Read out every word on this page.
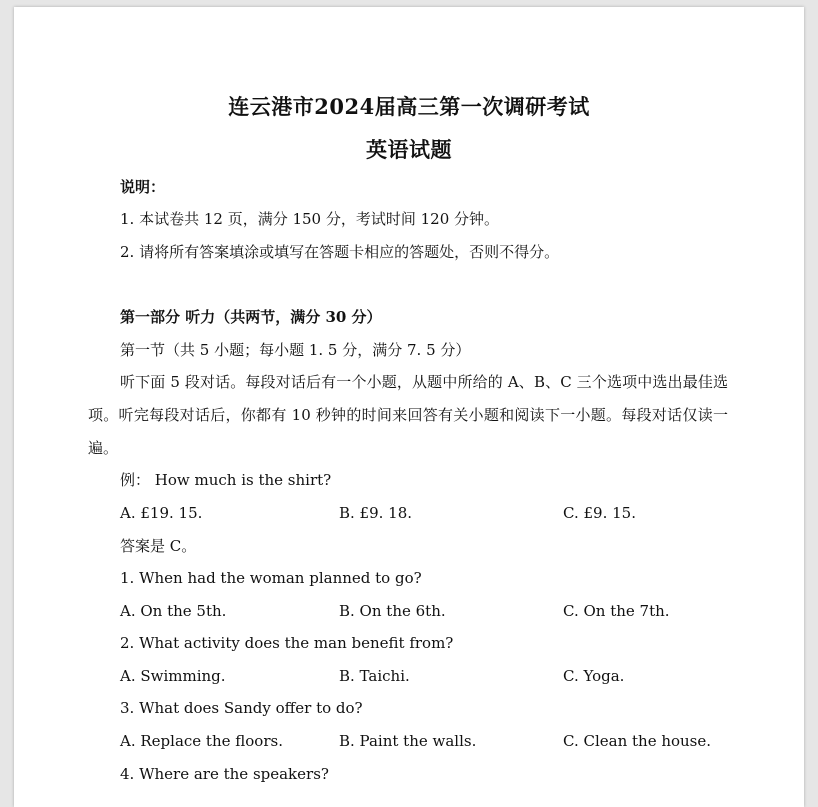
连云港市2024届高三第一次调研考试
英语试题
说明：
1. 本试卷共 12 页，满分 150 分，考试时间 120 分钟。
2. 请将所有答案填涂或填写在答题卡相应的答题处，否则不得分。
第一部分 听力（共两节，满分 30 分）
第一节（共 5 小题；每小题 1. 5 分，满分 7. 5 分）
听下面 5 段对话。每段对话后有一个小题，从题中所给的 A、B、C 三个选项中选出最佳选项。听完每段对话后，你都有 10 秒钟的时间来回答有关小题和阅读下一小题。每段对话仅读一遍。
例： How much is the shirt?
A. £19. 15.	B. £9. 18.	C. £9. 15.
答案是 C。
1. When had the woman planned to go?
A. On the 5th.	B. On the 6th.	C. On the 7th.
2. What activity does the man benefit from?
A. Swimming.	B. Taichi.	C. Yoga.
3. What does Sandy offer to do?
A. Replace the floors.	B. Paint the walls.	C. Clean the house.
4. Where are the speakers?
